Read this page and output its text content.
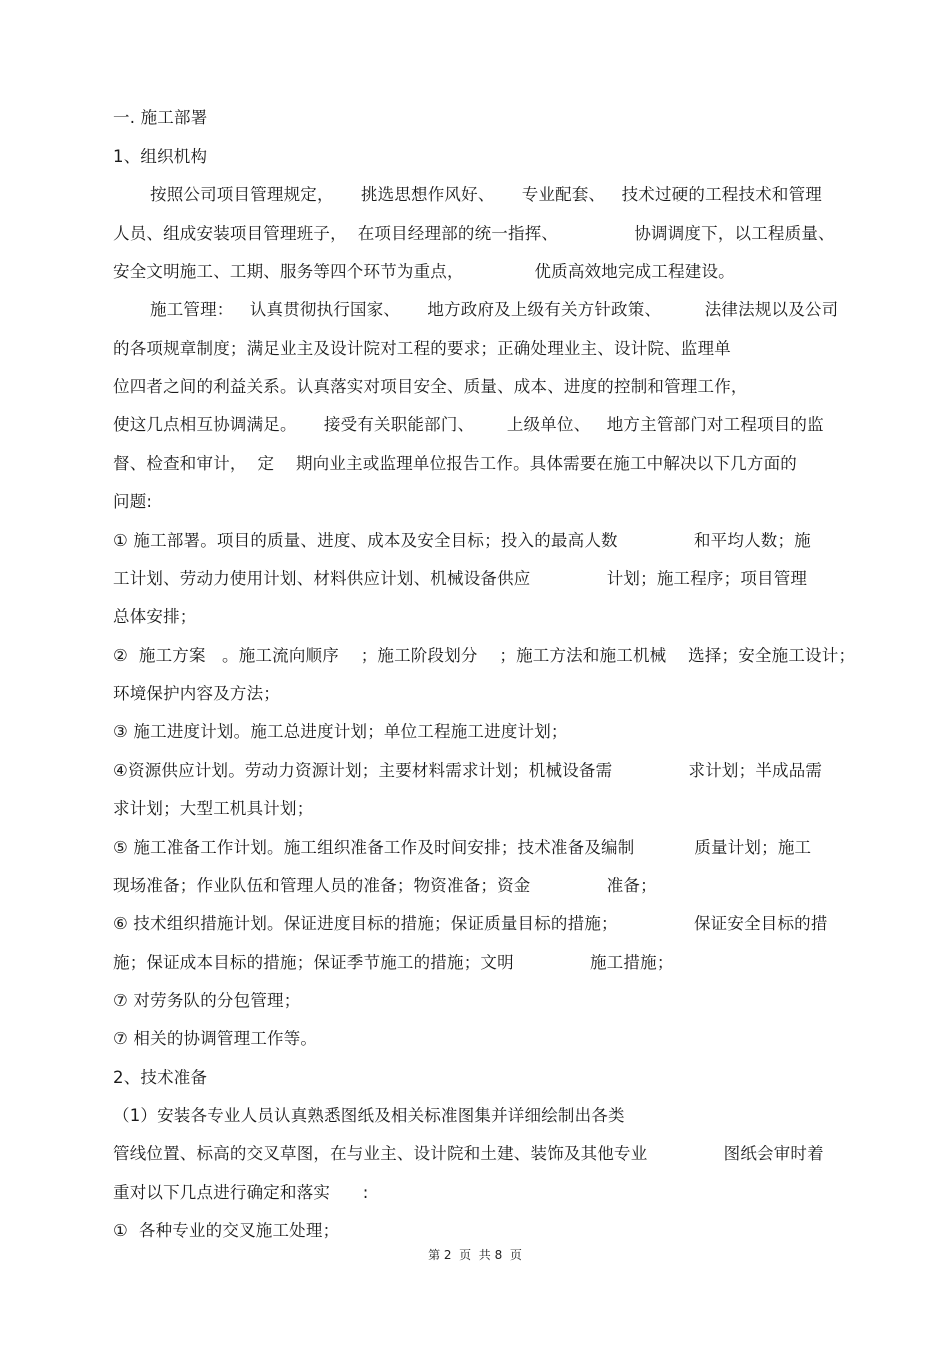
一. 施工部署
1、组织机构
按照公司项目管理规定，     挑选思想作风好、     专业配套、   技术过硬的工程技术和管理
人员、组成安装项目管理班子，  在项目经理部的统一指挥、              协调调度下，以工程质量、
安全文明施工、工期、服务等四个环节为重点，             优质高效地完成工程建设。
施工管理：   认真贯彻执行国家、     地方政府及上级有关方针政策、        法律法规以及公司
的各项规章制度；满足业主及设计院对工程的要求；正确处理业主、设计院、监理单
位四者之间的利益关系。认真落实对项目安全、质量、成本、进度的控制和管理工作，
使这几点相互协调满足。     接受有关职能部门、      上级单位、   地方主管部门对工程项目的监
督、检查和审计，  定    期向业主或监理单位报告工作。具体需要在施工中解决以下几方面的
问题:
① 施工部署。项目的质量、进度、成本及安全目标；投入的最高人数              和平均人数；施
工计划、劳动力使用计划、材料供应计划、机械设备供应              计划；施工程序；项目管理
总体安排；
②  施工方案   。施工流向顺序    ；施工阶段划分    ；施工方法和施工机械    选择；安全施工设计；
环境保护内容及方法；
③ 施工进度计划。施工总进度计划；单位工程施工进度计划；
④资源供应计划。劳动力资源计划；主要材料需求计划；机械设备需              求计划；半成品需
求计划；大型工机具计划；
⑤ 施工准备工作计划。施工组织准备工作及时间安排；技术准备及编制           质量计划；施工
现场准备；作业队伍和管理人员的准备；物资准备；资金              准备；
⑥ 技术组织措施计划。保证进度目标的措施；保证质量目标的措施；              保证安全目标的措
施；保证成本目标的措施；保证季节施工的措施；文明              施工措施；
⑦ 对劳务队的分包管理；
⑦ 相关的协调管理工作等。
2、技术准备
（1）安装各专业人员认真熟悉图纸及相关标准图集并详细绘制出各类
管线位置、标高的交叉草图，在与业主、设计院和土建、装饰及其他专业              图纸会审时着
重对以下几点进行确定和落实      :
①  各种专业的交叉施工处理；
第 2  页  共 8  页
